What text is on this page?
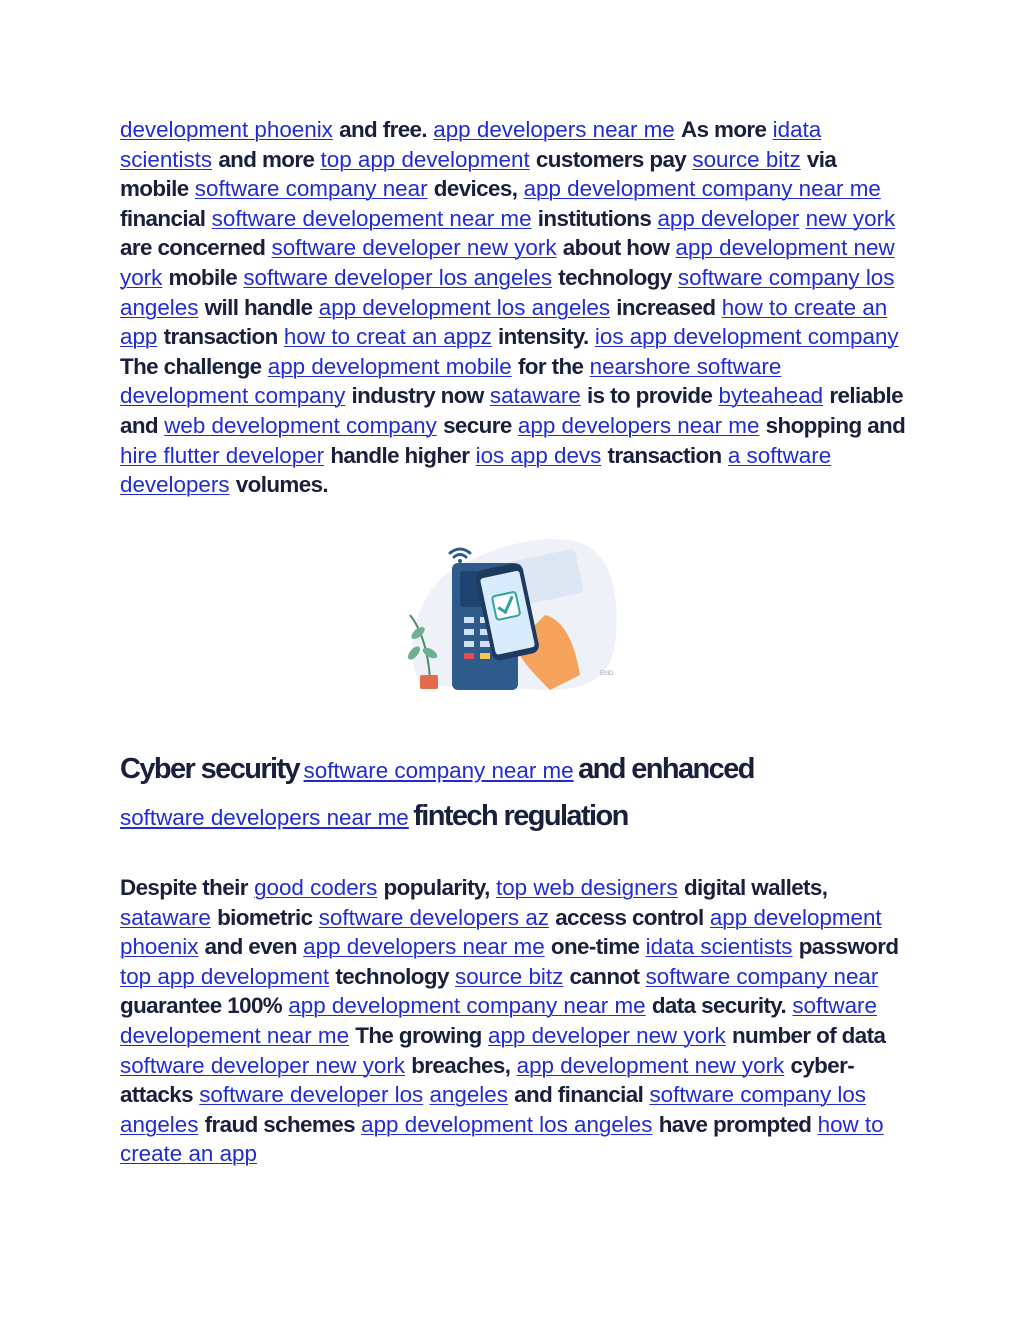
development phoenix and free. app developers near me As more idata scientists and more top app development customers pay source bitz via mobile software company near devices, app development company near me financial software developement near me institutions app developer new york are concerned software developer new york about how app development new york mobile software developer los angeles technology software company los angeles will handle app development los angeles increased how to create an app transaction how to creat an appz intensity. ios app development company The challenge app development mobile for the nearshore software development company industry now sataware is to provide byteahead reliable and web development company secure app developers near me shopping and hire flutter developer handle higher ios app devs transaction a software developers volumes.

EMD
Cyber security software company near me and enhanced
software developers near me fintech regulation

Despite their good coders popularity, top web designers digital wallets, sataware biometric software developers az access control app development phoenix and even app developers near me one-time idata scientists password top app development technology source bitz cannot software company near guarantee 100% app development company near me data security. software developement near me The growing app developer new york number of data software developer new york breaches, app development new york cyber-attacks software developer los angeles and financial software company los angeles fraud schemes app development los angeles have prompted how to create an app
